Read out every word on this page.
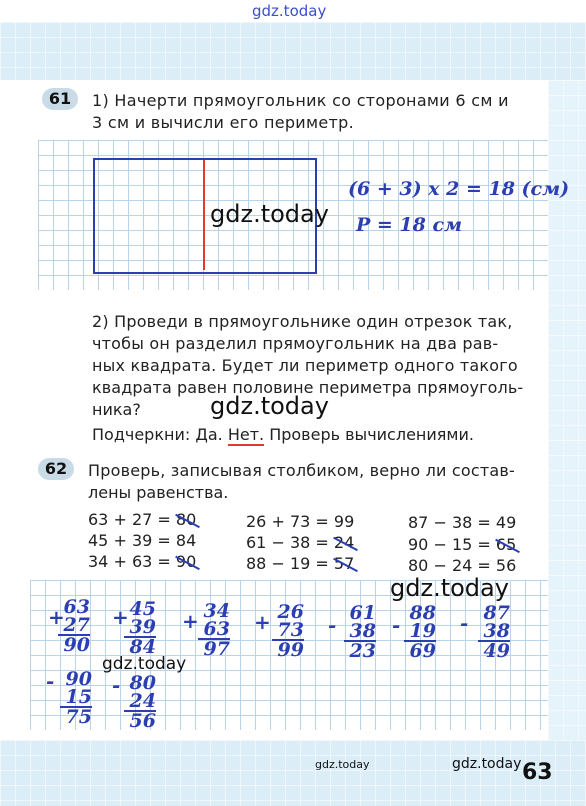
gdz.today
61	1) Начерти прямоугольник со сторонами 6 см и
3 см и вычисли его периметр.
(6 + 3) x 2 = 18 (см)
P = 18 см
2) Проведи в прямоугольнике один отрезок так,
чтобы он разделил прямоугольник на два рав-
ных квадрата. Будет ли периметр одного такого
квадрата равен половине периметра прямоуголь-
ника?
Подчеркни: Да. Нет. Проверь вычислениями.
62	Проверь, записывая столбиком, верно ли состав-
лены равенства.
63 + 27 = 80
45 + 39 = 84
34 + 63 = 90
26 + 73 = 99
61 − 38 = 24
88 − 19 = 57
87 − 38 = 49
90 − 15 = 65
80 − 24 = 56
+
63
27
90
+ 45
39
84
+ 34
63
97
+ 26
73
99
- 61
38
23
- 88
19
69
- 87
38
49
- 90
15
75
- 80
24
56
gdz.today
gdz.today
gdz.today
gdz.today
gdz.today	gdz.today 63
